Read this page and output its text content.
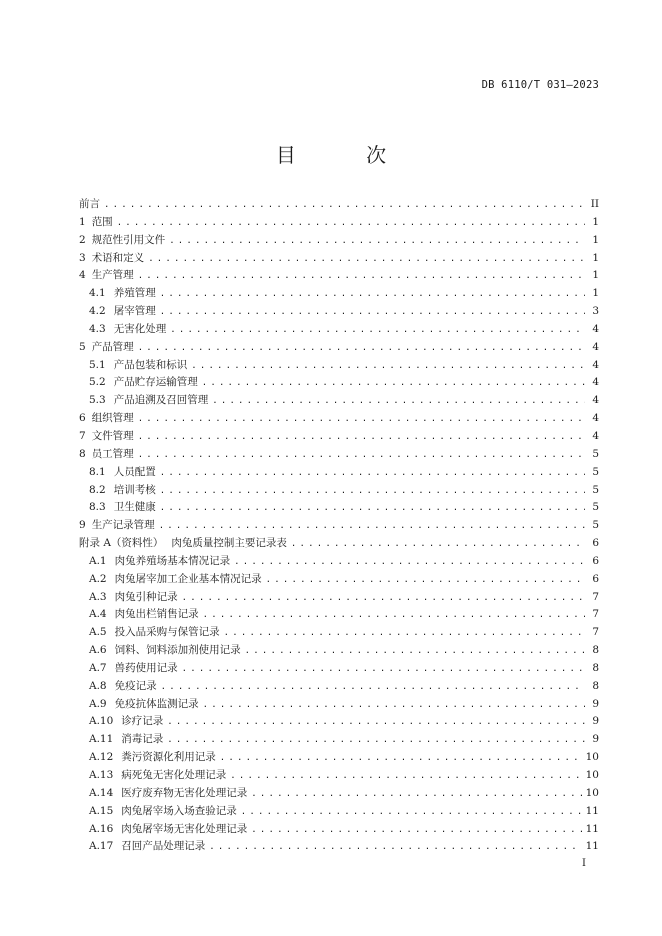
DB 6110/T 031—2023
目 次
前言 .....	II
1 范围 .....	1
2 规范性引用文件 .....	1
3 术语和定义 .....	1
4 生产管理 .....	1
4.1 养殖管理 .....	1
4.2 屠宰管理 .....	3
4.3 无害化处理 .....	4
5 产品管理 .....	4
5.1 产品包装和标识 .....	4
5.2 产品贮存运输管理 .....	4
5.3 产品追溯及召回管理 .....	4
6 组织管理 .....	4
7 文件管理 .....	4
8 员工管理 .....	5
8.1 人员配置 .....	5
8.2 培训考核 .....	5
8.3 卫生健康 .....	5
9 生产记录管理 .....	5
附录 A（资料性） 肉兔质量控制主要记录表 .....	6
A.1 肉兔养殖场基本情况记录 .....	6
A.2 肉兔屠宰加工企业基本情况记录 .....	6
A.3 肉兔引种记录 .....	7
A.4 肉兔出栏销售记录 .....	7
A.5 投入品采购与保管记录 .....	7
A.6 饲料、饲料添加剂使用记录 .....	8
A.7 兽药使用记录 .....	8
A.8 免疫记录 .....	8
A.9 免疫抗体监测记录 .....	9
A.10 诊疗记录 .....	9
A.11 消毒记录 .....	9
A.12 粪污资源化利用记录 .....	10
A.13 病死兔无害化处理记录 .....	10
A.14 医疗废弃物无害化处理记录 .....	10
A.15 肉兔屠宰场入场查验记录 .....	11
A.16 肉兔屠宰场无害化处理记录 .....	11
A.17 召回产品处理记录 .....	11
I
